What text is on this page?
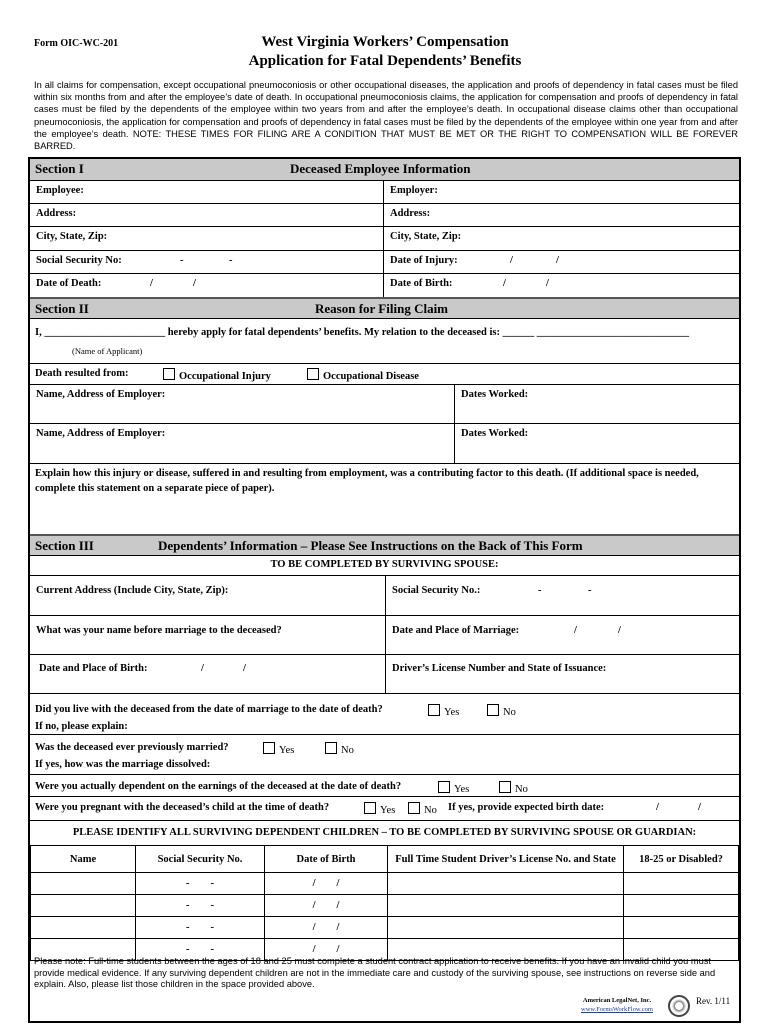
Form OIC-WC-201	West Virginia Workers’ Compensation
Application for Fatal Dependents’ Benefits
In all claims for compensation, except occupational pneumoconiosis or other occupational diseases, the application and proofs of dependency in fatal cases must be filed within six months from and after the employee’s date of death. In occupational pneumoconiosis claims, the application for compensation and proofs of dependency in fatal cases must be filed by the dependents of the employee within two years from and after the employee’s death. In occupational disease claims other than occupational pneumoconiosis, the application for compensation and proofs of dependency in fatal cases must be filed by the dependents of the employee within one year from and after the employee’s death. NOTE: THESE TIMES FOR FILING ARE A CONDITION THAT MUST BE MET OR THE RIGHT TO COMPENSATION WILL BE FOREVER BARRED.
Section I	Deceased Employee Information
Employee:	Employer:
Address:	Address:
City, State, Zip:	City, State, Zip:
Social Security No:	-	-	Date of Injury:	/	/
Date of Death:	/	/	Date of Birth:	/	/
Section II	Reason for Filing Claim
I, _______________________ hereby apply for fatal dependents’ benefits. My relation to the deceased is: ______ _____________________________
(Name of Applicant)
Death resulted from:	Occupational Injury	Occupational Disease
Name, Address of Employer:	Dates Worked:
Name, Address of Employer:	Dates Worked:
Explain how this injury or disease, suffered in and resulting from employment, was a contributing factor to this death. (If additional space is needed, complete this statement on a separate piece of paper).
Section III	Dependents’ Information – Please See Instructions on the Back of This Form
TO BE COMPLETED BY SURVIVING SPOUSE:
Current Address (Include City, State, Zip):	Social Security No.:	-	-
What was your name before marriage to the deceased?	Date and Place of Marriage:	/	/
Date and Place of Birth:	/	/	Driver’s License Number and State of Issuance:
Did you live with the deceased from the date of marriage to the date of death?	Yes	No
If no, please explain:
Was the deceased ever previously married?	Yes	No
If yes, how was the marriage dissolved:
Were you actually dependent on the earnings of the deceased at the date of death?	Yes	No
Were you pregnant with the deceased’s child at the time of death?	Yes	No If yes, provide expected birth date:	/	/
PLEASE IDENTIFY ALL SURVIVING DEPENDENT CHILDREN – TO BE COMPLETED BY SURVIVING SPOUSE OR GUARDIAN:
Name	Social Security No.	Date of Birth	Full Time Student Driver’s License No. and State	18-25 or Disabled?
	- -	/ /		
	- -	/ /		
	- -	/ /		
	- -	/ /		
Please note: Full-time students between the ages of 18 and 25 must complete a student contract application to receive benefits. If you have an invalid child you must provide medical evidence. If any surviving dependent children are not in the immediate care and custody of the surviving spouse, see instructions on reverse side and explain. Also, please list those children in the space provided above.
American LegalNet, Inc.
www.FormsWorkFlow.com
Rev. 1/11
